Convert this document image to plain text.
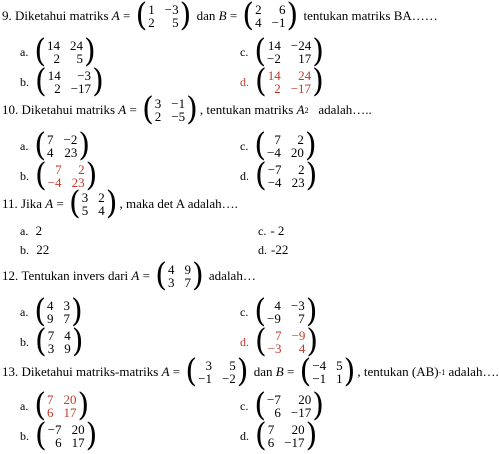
9.
Diketahui matriks
A = ( 1 −3
2	5 )
dan
B = ( 2	6
4 −1 )
tentukan matriks BA……
a. ( 14 24
2	5 )	c. ( 14 −24
−2	17 )
b. ( 14	−3
2 −17 )	d. ( 14	24
2 −17 )
10.
Diketahui matriks
A = ( 3 −1
2 −5 ) , tentukan matriks
A 2
adalah…..
a. ( 7 −2
4 23 )	c. ( 7	2
−4 20 )
b. ( 7	2
−4 23 )	d. ( −7	2
−4 23 )
11.
Jika
A = ( 3 2
5 4 ) , maka det A adalah….
a.
2	c. - 2
b.
22	d. -22
12.
Tentukan invers dari
A = ( 4 9
3 7 )
adalah…
a. ( 4 3
9 7 )	c. ( 4 −3
−9	7 )
b. ( 7 4
3 9 )	d. ( 7 −9
−3	4 )
13.
Diketahui matriks-matriks
A = ( 3	5
−1 −2 )
dan
B = ( −4 5
−1 1 ) , tentukan (AB) -1
adalah….
a. ( 7 20
6 17 )	c. ( −7	20
6 −17 )
b. ( −7 20
6 17 )	d. ( 7	20
6 −17 )
